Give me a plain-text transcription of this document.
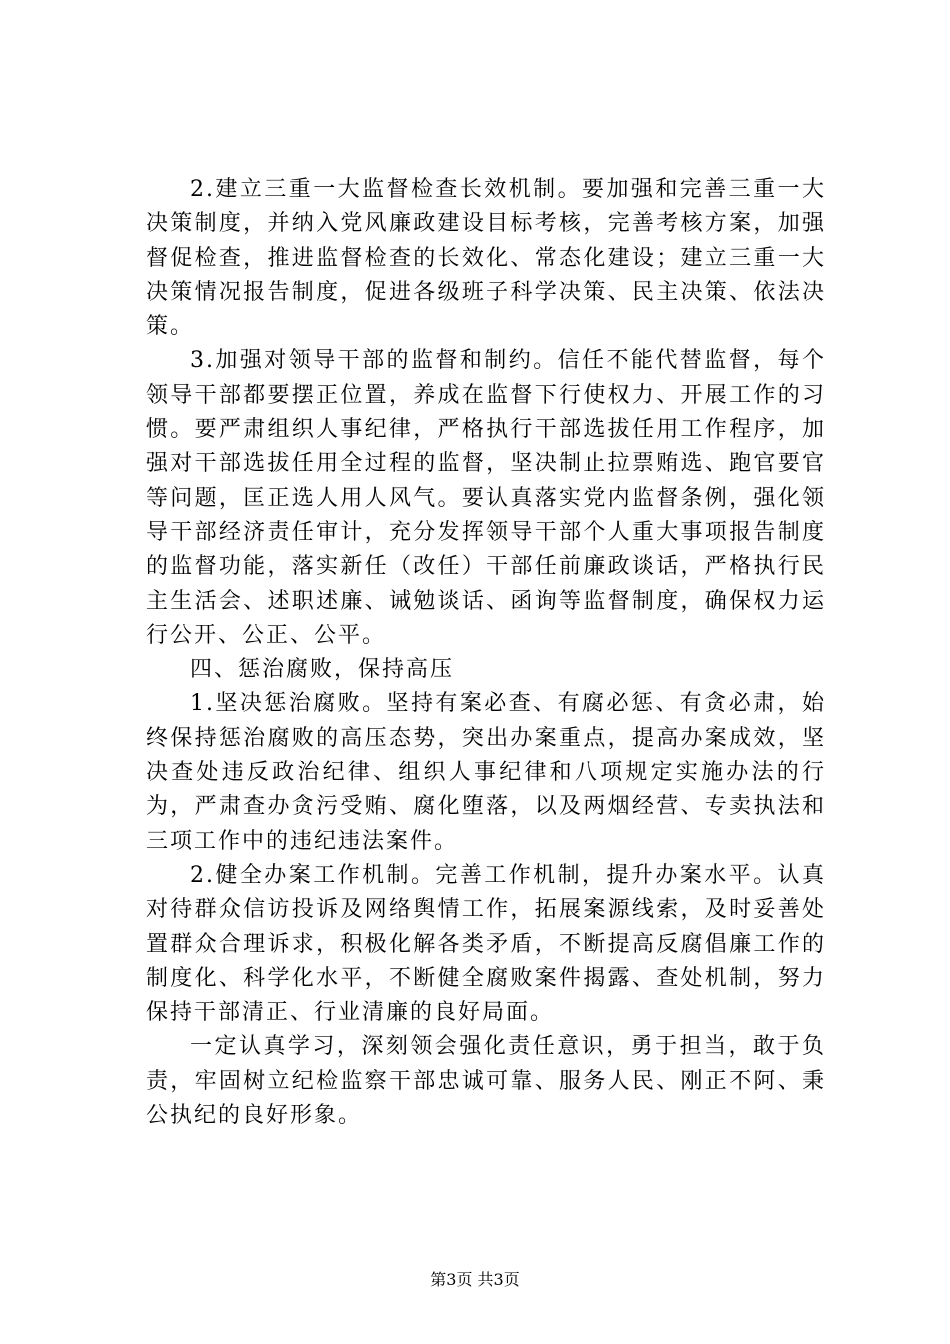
2.建立三重一大监督检查长效机制。要加强和完善三重一大决策制度，并纳入党风廉政建设目标考核，完善考核方案，加强督促检查，推进监督检查的长效化、常态化建设；建立三重一大决策情况报告制度，促进各级班子科学决策、民主决策、依法决策。

3.加强对领导干部的监督和制约。信任不能代替监督，每个领导干部都要摆正位置，养成在监督下行使权力、开展工作的习惯。要严肃组织人事纪律，严格执行干部选拔任用工作程序，加强对干部选拔任用全过程的监督，坚决制止拉票贿选、跑官要官等问题，匡正选人用人风气。要认真落实党内监督条例，强化领导干部经济责任审计，充分发挥领导干部个人重大事项报告制度的监督功能，落实新任（改任）干部任前廉政谈话，严格执行民主生活会、述职述廉、诫勉谈话、函询等监督制度，确保权力运行公开、公正、公平。

四、惩治腐败，保持高压

1.坚决惩治腐败。坚持有案必查、有腐必惩、有贪必肃，始终保持惩治腐败的高压态势，突出办案重点，提高办案成效，坚决查处违反政治纪律、组织人事纪律和八项规定实施办法的行为，严肃查办贪污受贿、腐化堕落，以及两烟经营、专卖执法和三项工作中的违纪违法案件。

2.健全办案工作机制。完善工作机制，提升办案水平。认真对待群众信访投诉及网络舆情工作，拓展案源线索，及时妥善处置群众合理诉求，积极化解各类矛盾，不断提高反腐倡廉工作的制度化、科学化水平，不断健全腐败案件揭露、查处机制，努力保持干部清正、行业清廉的良好局面。

一定认真学习，深刻领会强化责任意识，勇于担当，敢于负责，牢固树立纪检监察干部忠诚可靠、服务人民、刚正不阿、秉公执纪的良好形象。

第3页 共3页
